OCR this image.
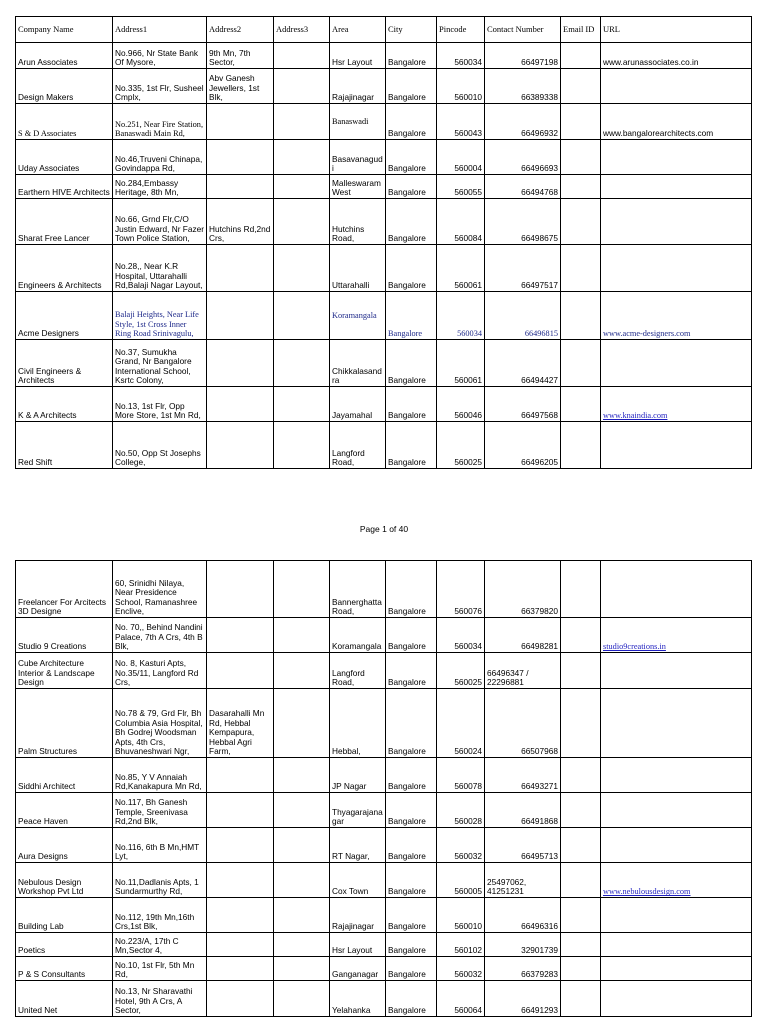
Company Name	Address1	Address2	Address3	Area	City	Pincode	Contact Number	Email ID	URL
Arun Associates	No.966, Nr State Bank Of Mysore,	9th Mn, 7th Sector,		Hsr Layout	Bangalore	560034	66497198		www.arunassociates.co.in
Design Makers	No.335, 1st Flr, Susheel Cmplx,	Abv Ganesh Jewellers, 1st Blk,		Rajajinagar	Bangalore	560010	66389338		
S & D Associates	No.251, Near Fire Station, Banaswadi Main Rd,			Banaswadi	Bangalore	560043	66496932		www.bangalorearchitects.com
Uday Associates	No.46,Truveni Chinapa, Govindappa Rd,			Basavanagudi	Bangalore	560004	66496693		
Earthern HIVE Architects	No.284,Embassy Heritage, 8th Mn,			Malleswaram West	Bangalore	560055	66494768		
Sharat Free Lancer	No.66, Grnd Flr,C/O Justin Edward, Nr Fazer Town Police Station,	Hutchins Rd,2nd Crs,		Hutchins Road,	Bangalore	560084	66498675		
Engineers & Architects	No.28,, Near K.R Hospital, Uttarahalli Rd,Balaji Nagar Layout,			Uttarahalli	Bangalore	560061	66497517		
Acme Designers	Balaji Heights, Near Life Style, 1st Cross Inner Ring Road Srinivagulu,			Koramangala	Bangalore	560034	66496815		www.acme-designers.com
Civil Engineers & Architects	No.37, Sumukha Grand, Nr Bangalore International School, Ksrtc Colony,			Chikkalasandra	Bangalore	560061	66494427		
K & A Architects	No.13, 1st Flr, Opp More Store, 1st Mn Rd,			Jayamahal	Bangalore	560046	66497568		www.knaindia.com
Red Shift	No.50, Opp St Josephs College,			Langford Road,	Bangalore	560025	66496205		
Page 1 of 40
Freelancer For Arcitects 3D Designe	60, Srinidhi Nilaya, Near Presidence School, Ramanashree Enclive,			Bannerghatta Road,	Bangalore	560076	66379820		
Studio 9 Creations	No. 70,, Behind Nandini Palace, 7th A Crs, 4th B Blk,			Koramangala	Bangalore	560034	66498281		studio9creations.in
Cube Architecture Interior & Landscape Design	No. 8, Kasturi Apts, No.35/11, Langford Rd Crs,			Langford Road,	Bangalore	560025	66496347 / 22296881		
Palm Structures	No.78 & 79, Grd Flr, Bh Columbia Asia Hospital, Bh Godrej Woodsman Apts, 4th Crs, Bhuvaneshwari Ngr,	Dasarahalli Mn Rd, Hebbal Kempapura, Hebbal Agri Farm,		Hebbal,	Bangalore	560024	66507968		
Siddhi Architect	No.85, Y V Annaiah Rd,Kanakapura Mn Rd,			JP Nagar	Bangalore	560078	66493271		
Peace Haven	No.117, Bh Ganesh Temple, Sreenivasa Rd,2nd Blk,			Thyagarajanagar	Bangalore	560028	66491868		
Aura Designs	No.116, 6th B Mn,HMT Lyt,			RT Nagar,	Bangalore	560032	66495713		
Nebulous Design Workshop Pvt Ltd	No.11,Dadlanis Apts, 1 Sundarmurthy Rd,			Cox Town	Bangalore	560005	25497062, 41251231		www.nebulousdesign.com
Building Lab	No.112, 19th Mn,16th Crs,1st Blk,			Rajajinagar	Bangalore	560010	66496316		
Poetics	No.223/A, 17th C Mn,Sector 4,			Hsr Layout	Bangalore	560102	32901739		
P & S Consultants	No.10, 1st Flr, 5th Mn Rd,			Ganganagar	Bangalore	560032	66379283		
United Net	No.13, Nr Sharavathi Hotel, 9th A Crs, A Sector,			Yelahanka	Bangalore	560064	66491293		
